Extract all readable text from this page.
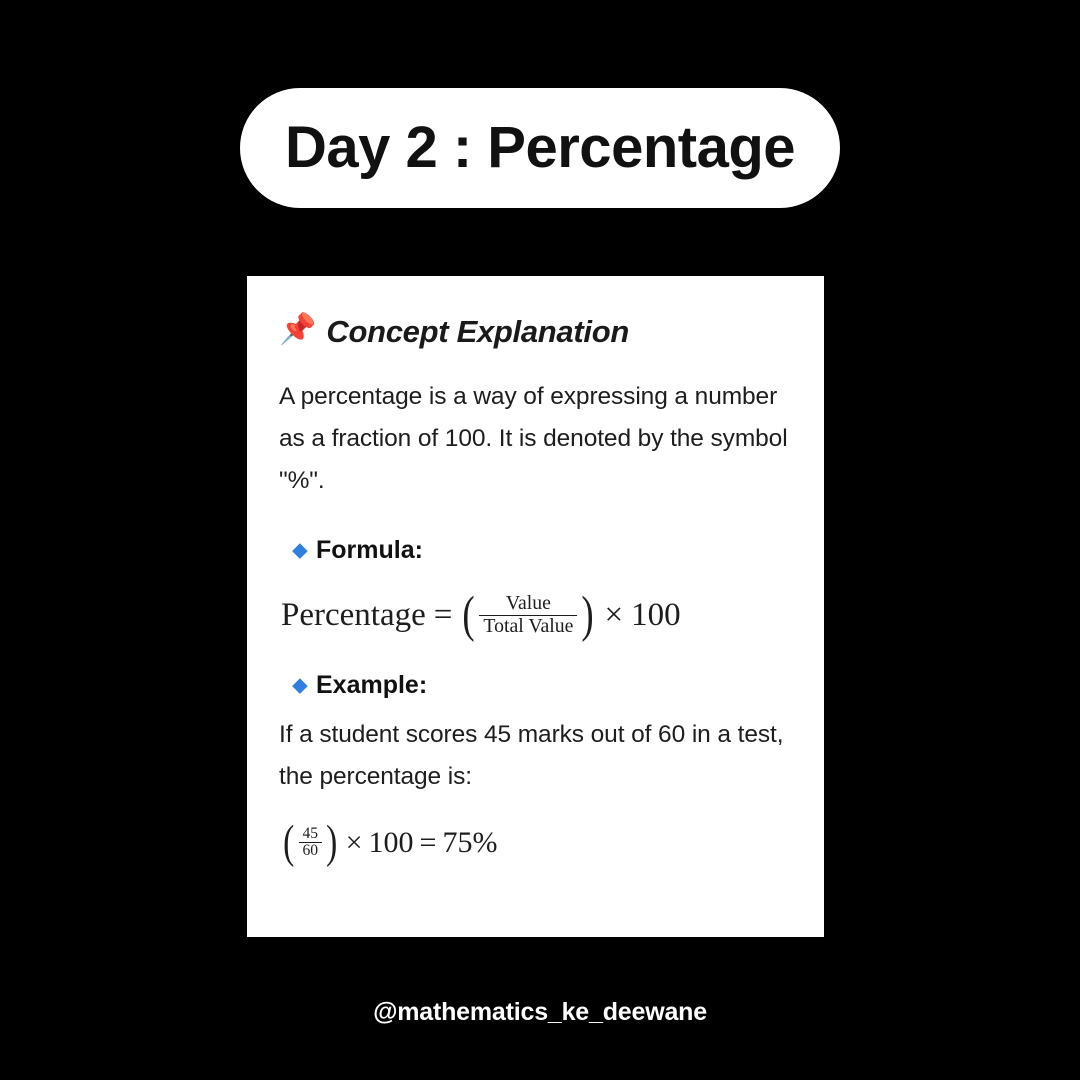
Day 2 : Percentage
📌 Concept Explanation

A percentage is a way of expressing a number as a fraction of 100. It is denoted by the symbol "%".

Formula:
Percentage = ( $\frac{\text{Value}}{\text{Total Value}}$ ) × 100
Example:

If a student scores 45 marks out of 60 in a test, the percentage is:

( $\frac{45}{60}$ ) × 100 = 75%
@mathematics_ke_deewane
